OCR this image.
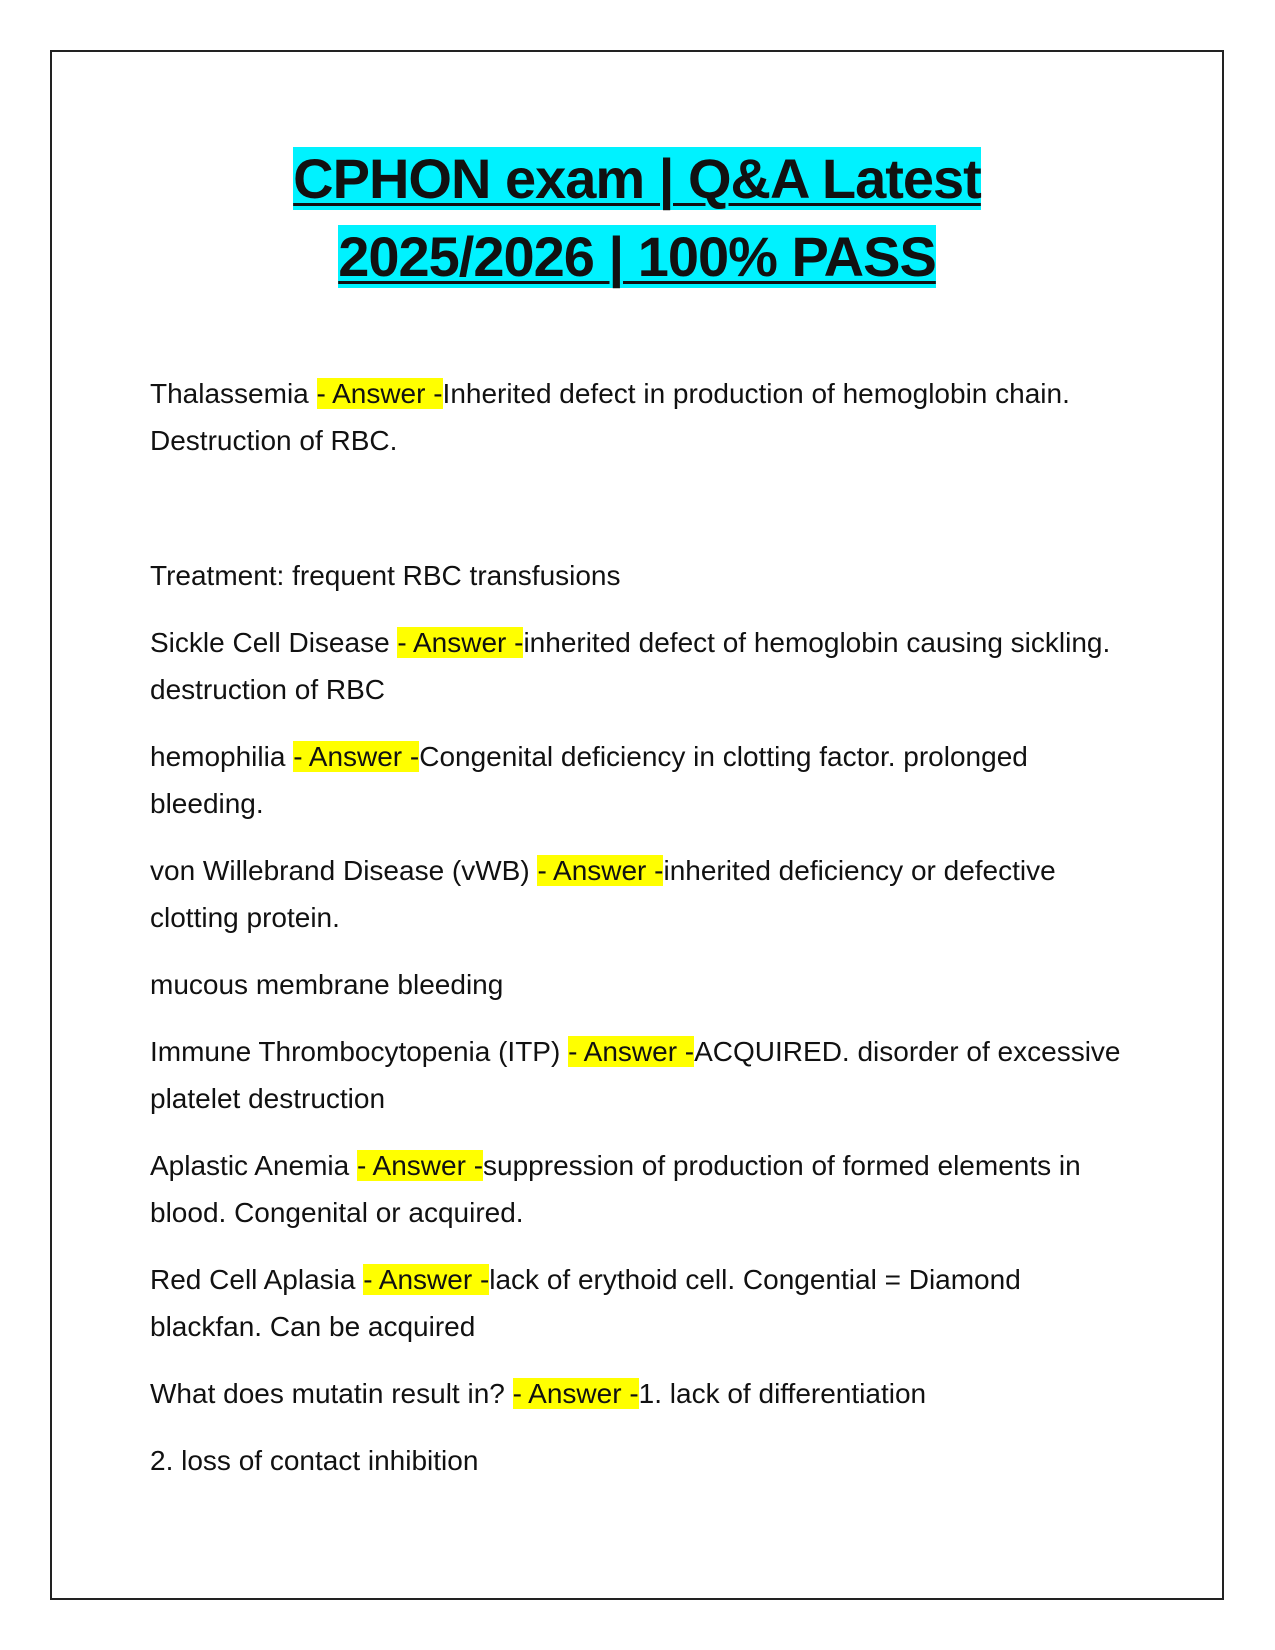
CPHON exam | Q&A Latest
2025/2026 | 100% PASS

Thalassemia - Answer -Inherited defect in production of hemoglobin chain. Destruction of RBC.

Treatment: frequent RBC transfusions

Sickle Cell Disease - Answer -inherited defect of hemoglobin causing sickling. destruction of RBC

hemophilia - Answer -Congenital deficiency in clotting factor. prolonged bleeding.

von Willebrand Disease (vWB) - Answer -inherited deficiency or defective clotting protein.

mucous membrane bleeding

Immune Thrombocytopenia (ITP) - Answer -ACQUIRED. disorder of excessive platelet destruction

Aplastic Anemia - Answer -suppression of production of formed elements in blood. Congenital or acquired.

Red Cell Aplasia - Answer -lack of erythoid cell. Congential = Diamond blackfan. Can be acquired

What does mutatin result in? - Answer -1. lack of differentiation

2. loss of contact inhibition
